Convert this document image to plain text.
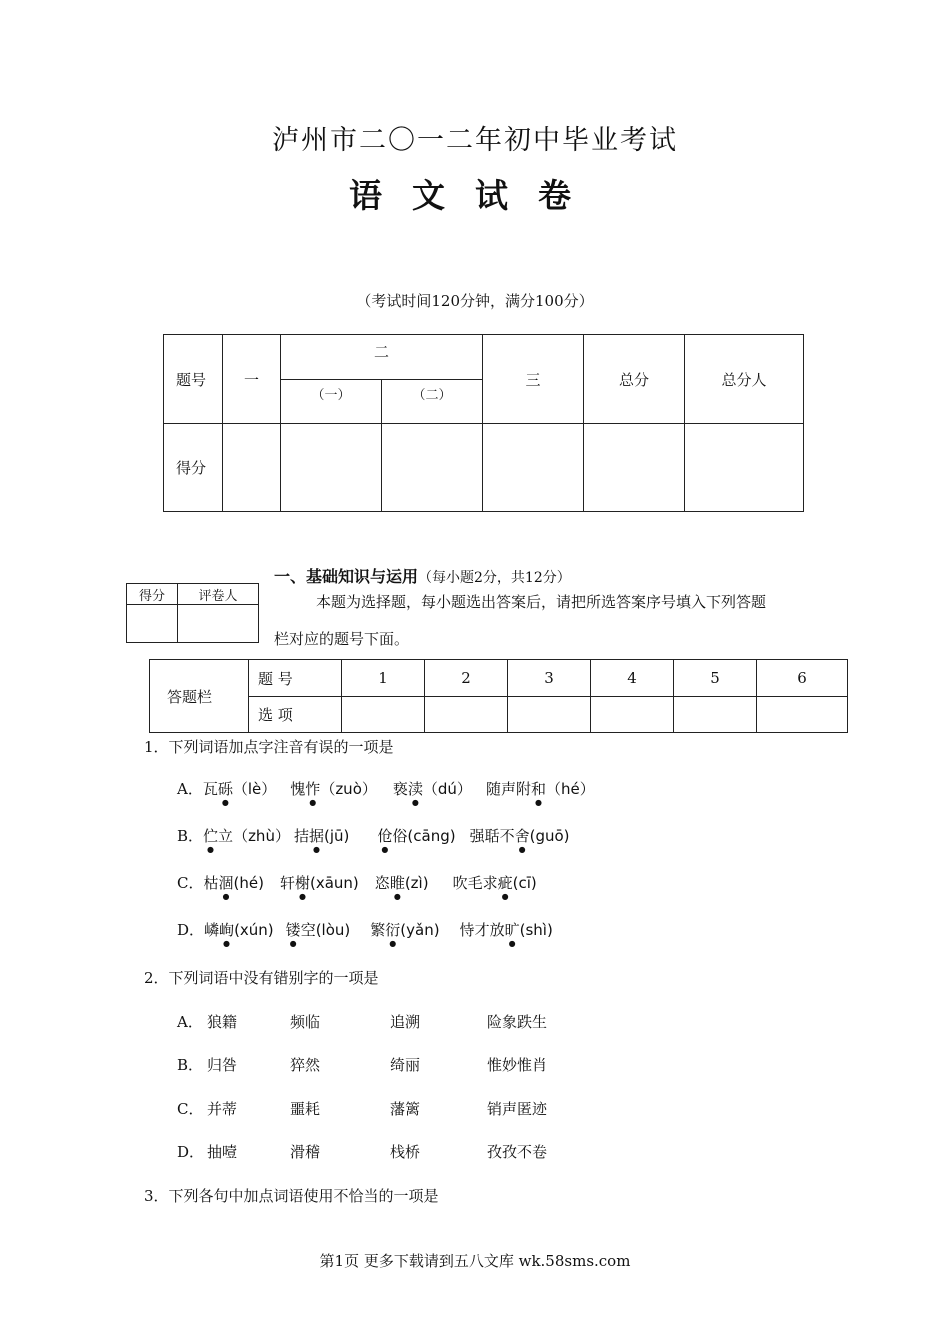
泸州市二〇一二年初中毕业考试
语文试卷
（考试时间120分钟，满分100分）
题号	一	二		三	总分	总分人
		（一）	（二）			
得分						
得分	评卷人

一、基础知识与运用（每小题2分，共12分）
本题为选择题，每小题选出答案后，请把所选答案序号填入下列答题
栏对应的题号下面。
答题栏	题 号	1	2	3	4	5	6
	选 项						
1．下列词语加点字注音有误的一项是
A．瓦砾（lè） 愧怍（zuò） 亵渎（dú） 随声附和（hé）
B．伫立（zhù） 拮据(jū) 伧俗(cāng) 强聒不舍(guō)
C．枯涸(hé) 轩榭(xāun) 恣睢(zì) 吹毛求疵(cī)
D．嶙峋(xún) 镂空(lòu) 繁衍(yǎn) 恃才放旷(shì)
2．下列词语中没有错别字的一项是
A． 狼籍	频临	追溯	险象跌生
B． 归咎	猝然	绮丽	惟妙惟肖
C． 并蒂	噩耗	藩篱	销声匿迹
D． 抽噎	滑稽	栈桥	孜孜不卷
3．下列各句中加点词语使用不恰当的一项是
第1页 更多下载请到五八文库 wk.58sms.com
